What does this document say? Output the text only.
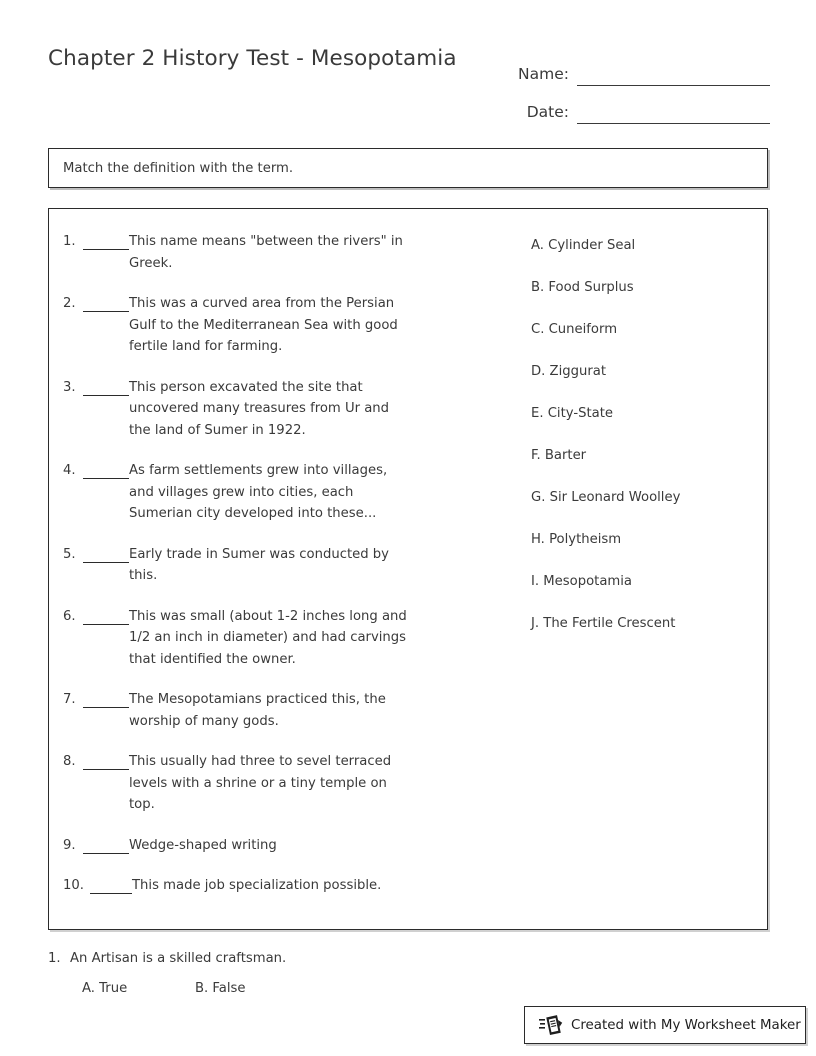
Chapter 2 History Test - Mesopotamia
Name:
Date:
Match the definition with the term.
1.	This name means "between the rivers" in Greek.
2.	This was a curved area from the Persian Gulf to the Mediterranean Sea with good fertile land for farming.
3.	This person excavated the site that uncovered many treasures from Ur and the land of Sumer in 1922.
4.	As farm settlements grew into villages, and villages grew into cities, each Sumerian city developed into these...
5.	Early trade in Sumer was conducted by this.
6.	This was small (about 1-2 inches long and 1/2 an inch in diameter) and had carvings that identified the owner.
7.	The Mesopotamians practiced this, the worship of many gods.
8.	This usually had three to sevel terraced levels with a shrine or a tiny temple on top.
9.	Wedge-shaped writing
10.	This made job specialization possible.
A. Cylinder Seal
B. Food Surplus
C. Cuneiform
D. Ziggurat
E. City-State
F. Barter
G. Sir Leonard Woolley
H. Polytheism
I. Mesopotamia
J. The Fertile Crescent
1. An Artisan is a skilled craftsman.
A. True	B. False
Created with My Worksheet Maker
